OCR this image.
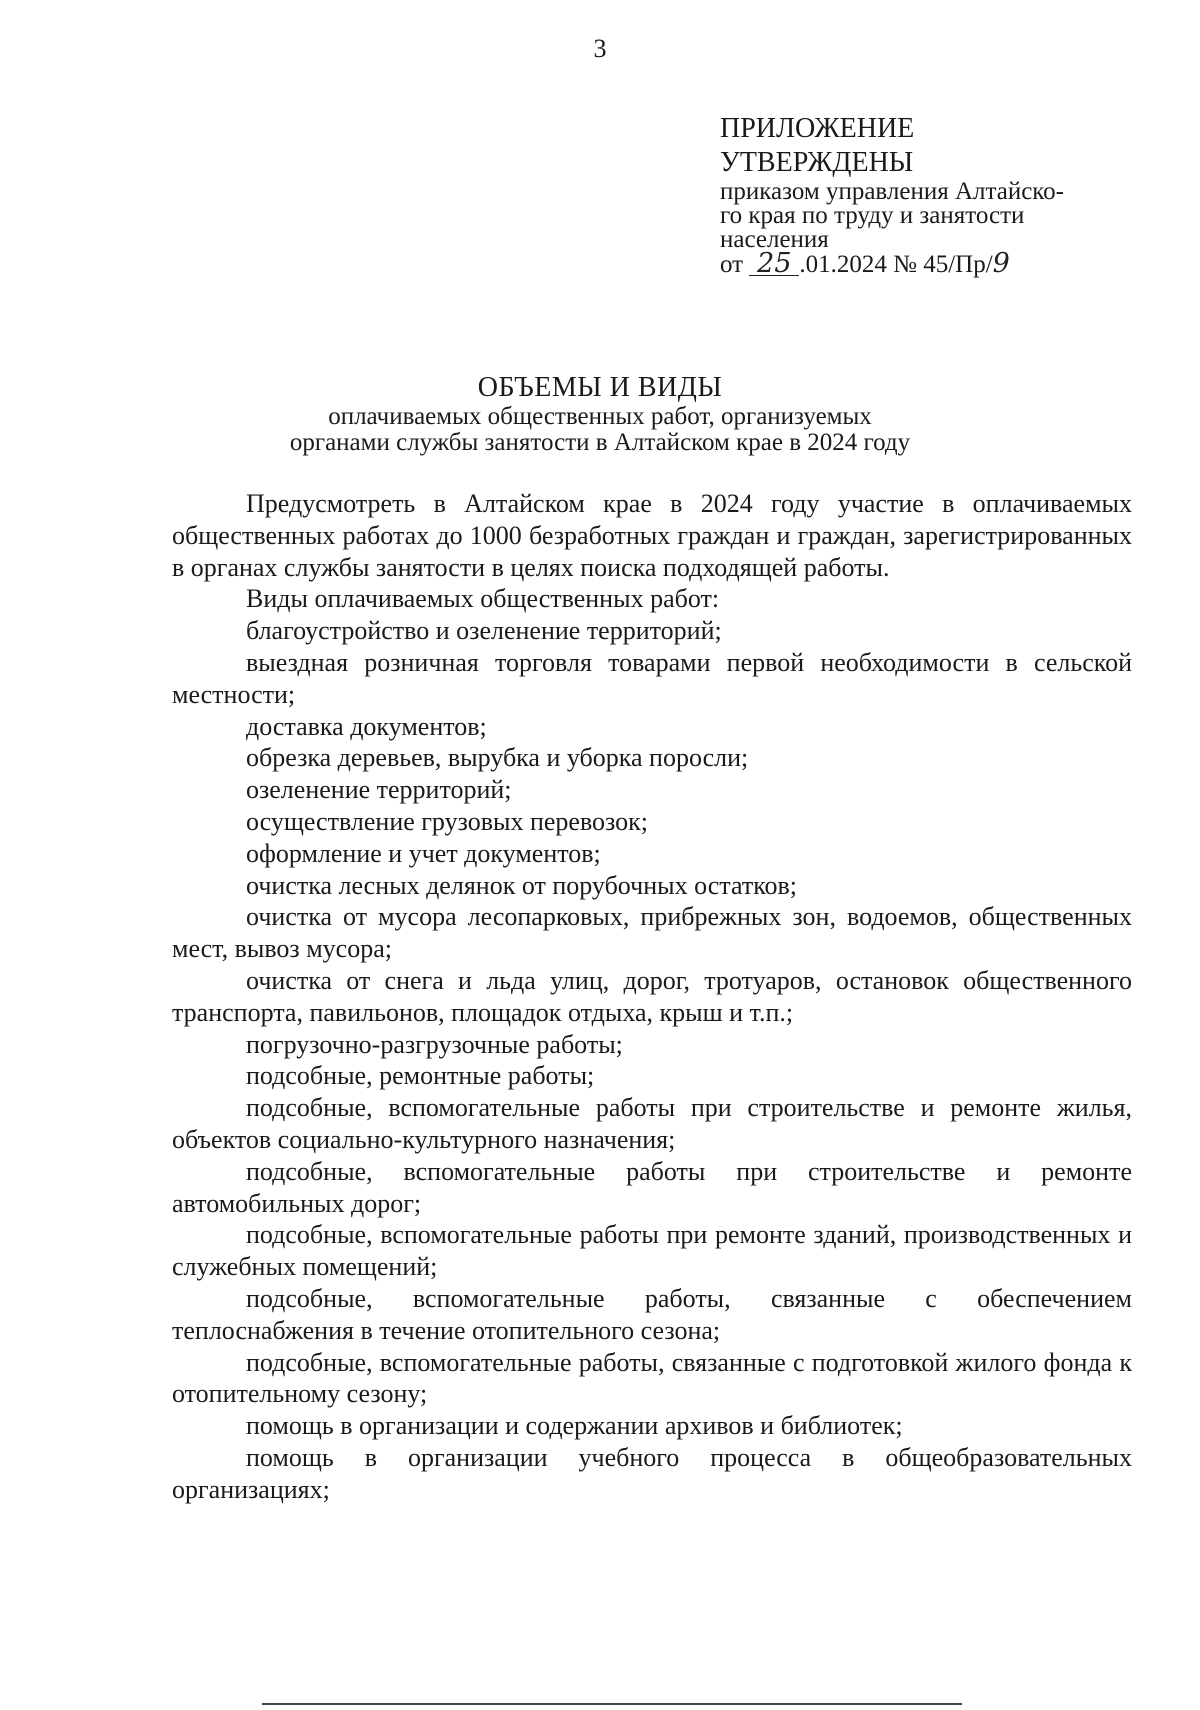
3
ПРИЛОЖЕНИЕ
УТВЕРЖДЕНЫ
приказом управления Алтайско-
го края по труду и занятости
населения
от 25 .01.2024 № 45/Пр/9
ОБЪЕМЫ И ВИДЫ
оплачиваемых общественных работ, организуемых
органами службы занятости в Алтайском крае в 2024 году

Предусмотреть в Алтайском крае в 2024 году участие в оплачиваемых общественных работах до 1000 безработных граждан и граждан, зарегистрированных в органах службы занятости в целях поиска подходящей работы.

Виды оплачиваемых общественных работ:

благоустройство и озеленение территорий;

выездная розничная торговля товарами первой необходимости в сельской местности;

доставка документов;

обрезка деревьев, вырубка и уборка поросли;

озеленение территорий;

осуществление грузовых перевозок;

оформление и учет документов;

очистка лесных делянок от порубочных остатков;

очистка от мусора лесопарковых, прибрежных зон, водоемов, общественных мест, вывоз мусора;

очистка от снега и льда улиц, дорог, тротуаров, остановок общественного транспорта, павильонов, площадок отдыха, крыш и т.п.;

погрузочно-разгрузочные работы;

подсобные, ремонтные работы;

подсобные, вспомогательные работы при строительстве и ремонте жилья, объектов социально-культурного назначения;

подсобные, вспомогательные работы при строительстве и ремонте автомобильных дорог;

подсобные, вспомогательные работы при ремонте зданий, производственных и служебных помещений;

подсобные, вспомогательные работы, связанные с обеспечением теплоснабжения в течение отопительного сезона;

подсобные, вспомогательные работы, связанные с подготовкой жилого фонда к отопительному сезону;

помощь в организации и содержании архивов и библиотек;

помощь в организации учебного процесса в общеобразовательных организациях;
